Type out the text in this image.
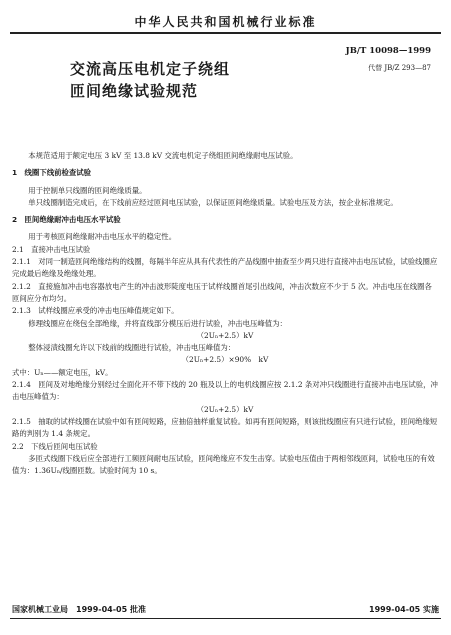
中华人民共和国机械行业标准
交流高压电机定子绕组
匝间绝缘试验规范
JB/T 10098—1999
代替 JB/Z 293—87

本规范适用于额定电压 3 kV 至 13.8 kV 交流电机定子绕组匝间绝缘耐电压试验。

1　线圈下线前检查试验

用于控制单只线圈的匝间绝缘质量。

单只线圈制造完成后，在下线前应经过匝间电压试验，以保证匝间绝缘质量。试验电压及方法，按企业标准规定。

2　匝间绝缘耐冲击电压水平试验

用于考核匝间绝缘耐冲击电压水平的稳定性。

2.1　直接冲击电压试验

2.1.1　对同一制造匝间绝缘结构的线圈，每隔半年应从具有代表性的产品线圈中抽查至少两只进行直接冲击电压试验，试验线圈应完成最后绝缘及绝缘处理。

2.1.2　直接施加冲击电容器放电产生的冲击波形陡度电压于试样线圈首尾引出线间，冲击次数应不少于 5 次。冲击电压在线圈各匝间应分布均匀。

2.1.3　试样线圈应承受的冲击电压峰值规定如下。

修理线圈应在绕包全部绝缘，并将直线部分模压后进行试验，冲击电压峰值为：

（2Uₙ+2.5）kV

整体浸渍线圈允许以下线前的线圈进行试验，冲击电压峰值为：

（2Uₙ+2.5）×90%　kV

式中：Uₙ——额定电压，kV。

2.1.4　匝间及对地绝缘分别经过全面化开不带下线的 20 瓶及以上的电机线圈应按 2.1.2 条对冲只线圈进行直接冲击电压试验，冲击电压峰值为：

（2Uₙ+2.5）kV

2.1.5　抽取的试样线圈在试验中如有匝间短路，应抽倍抽样重复试验。如再有匝间短路，则该批线圈应有只进行试验，匝间绝缘短路的判别为 1.4 条规定。

2.2　下线后匝间电压试验

多匝式线圈下线后应全部进行工频匝间耐电压试验，匝间绝缘应不发生击穿。试验电压值由于两相邻线匝间，试验电压的有效值为：1.36Uₙ/线圈匝数。试验时间为 10 s。

国家机械工业局　1999-04-05 批准	1999-04-05 实施
